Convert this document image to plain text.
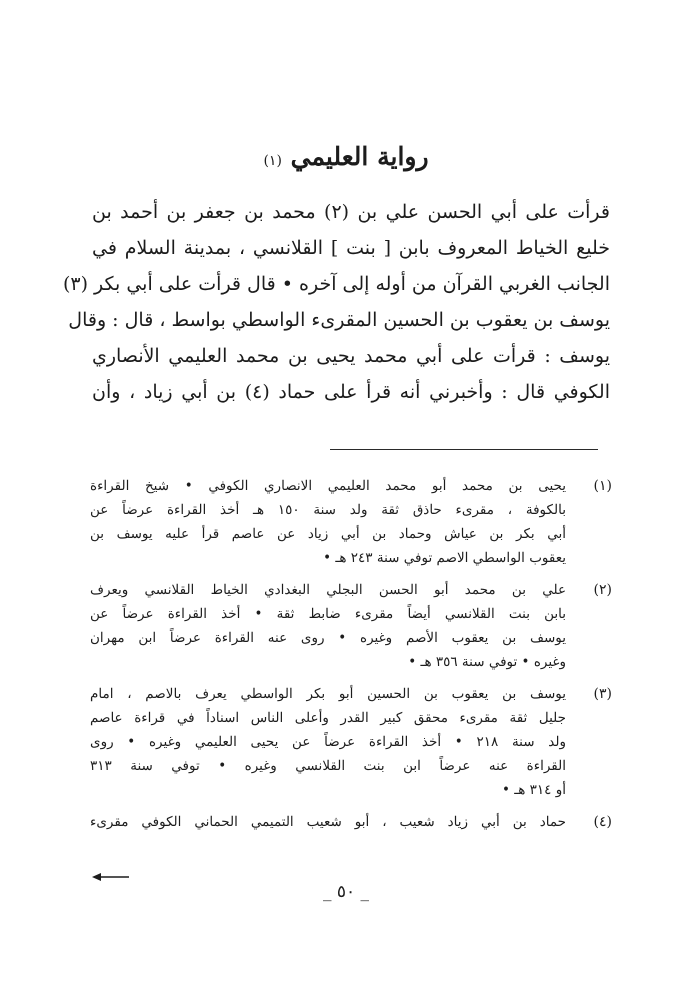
رواية العليمي (١)
قرأت على أبي الحسن علي بن (٢) محمد بن جعفر بن أحمد بن
خليع الخياط المعروف بابن [ بنت ] القلانسي ، بمدينة السلام في
الجانب الغربي القرآن من أوله إلى آخره • قال قرأت على أبي بكر (٣)
يوسف بن يعقوب بن الحسين المقرىء الواسطي بواسط ، قال : وقال
يوسف : قرأت على أبي محمد يحيى بن محمد العليمي الأنصاري
الكوفي قال : وأخبرني أنه قرأ على حماد (٤) بن أبي زياد ، وأن
(١)
يحيى بن محمد أبو محمد العليمي الانصاري الكوفي • شيخ القراءة
بالكوفة ، مقرىء حاذق ثقة ولد سنة ١٥٠ هـ أخذ القراءة عرضاً عن
أبي بكر بن عياش وحماد بن أبي زياد عن عاصم قرأ عليه يوسف بن
يعقوب الواسطي الاصم توفي سنة ٢٤٣ هـ •
(٢)
علي بن محمد أبو الحسن البجلي البغدادي الخياط القلانسي ويعرف
بابن بنت القلانسي أيضاً مقرىء ضابط ثقة • أخذ القراءة عرضاً عن
يوسف بن يعقوب الأصم وغيره • روى عنه القراءة عرضاً ابن مهران
وغيره • توفي سنة ٣٥٦ هـ •
(٣)
يوسف بن يعقوب بن الحسين أبو بكر الواسطي يعرف بالاصم ، امام
جليل ثقة مقرىء محقق كبير القدر وأعلى الناس اسناداً في قراءة عاصم
ولد سنة ٢١٨ • أخذ القراءة عرضاً عن يحيى العليمي وغيره • روى
القراءة عنه عرضاً ابن بنت القلانسي وغيره • توفي سنة ٣١٣
أو ٣١٤ هـ •
(٤)
حماد بن أبي زياد شعيب ، أبو شعيب التميمي الحماني الكوفي مقرىء
_ ٥٠ _
